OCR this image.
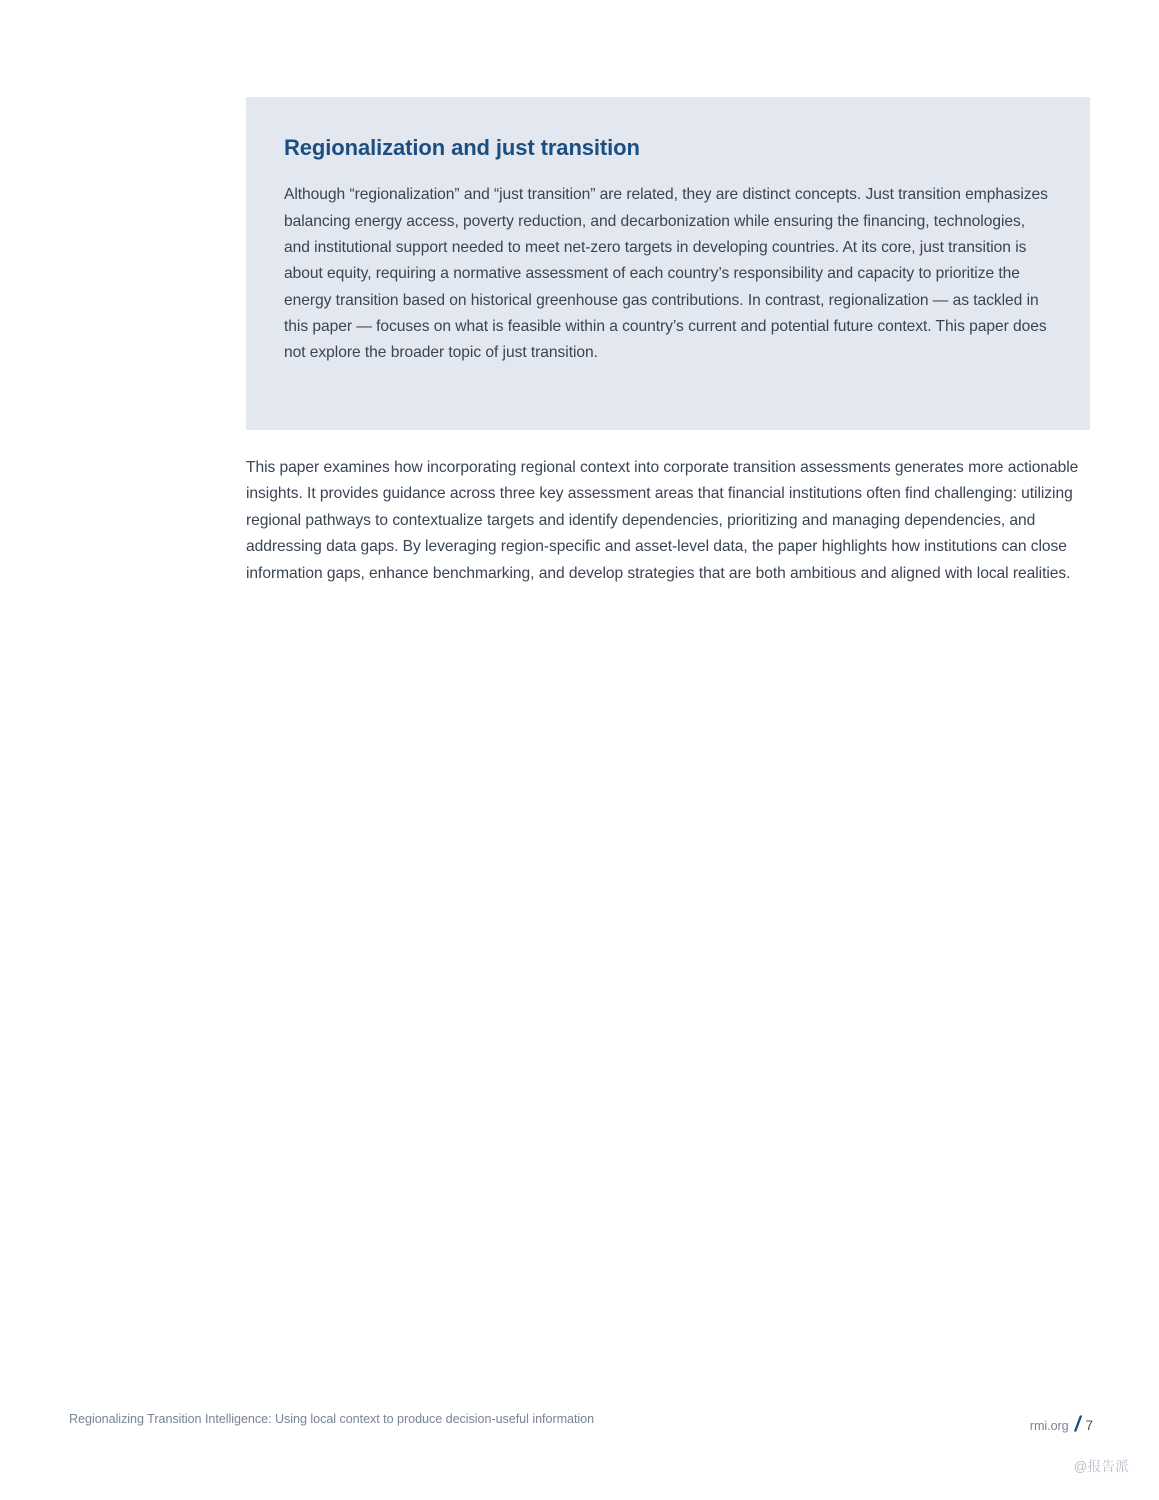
Regionalization and just transition

Although “regionalization” and “just transition” are related, they are distinct concepts. Just transition emphasizes balancing energy access, poverty reduction, and decarbonization while ensuring the financing, technologies, and institutional support needed to meet net-zero targets in developing countries. At its core, just transition is about equity, requiring a normative assessment of each country’s responsibility and capacity to prioritize the energy transition based on historical greenhouse gas contributions. In contrast, regionalization — as tackled in this paper — focuses on what is feasible within a country’s current and potential future context. This paper does not explore the broader topic of just transition.

This paper examines how incorporating regional context into corporate transition assessments generates more actionable insights. It provides guidance across three key assessment areas that financial institutions often find challenging: utilizing regional pathways to contextualize targets and identify dependencies, prioritizing and managing dependencies, and addressing data gaps. By leveraging region-specific and asset-level data, the paper highlights how institutions can close information gaps, enhance benchmarking, and develop strategies that are both ambitious and aligned with local realities.

Regionalizing Transition Intelligence: Using local context to produce decision-useful information	rmi.org / 7
@报告派
